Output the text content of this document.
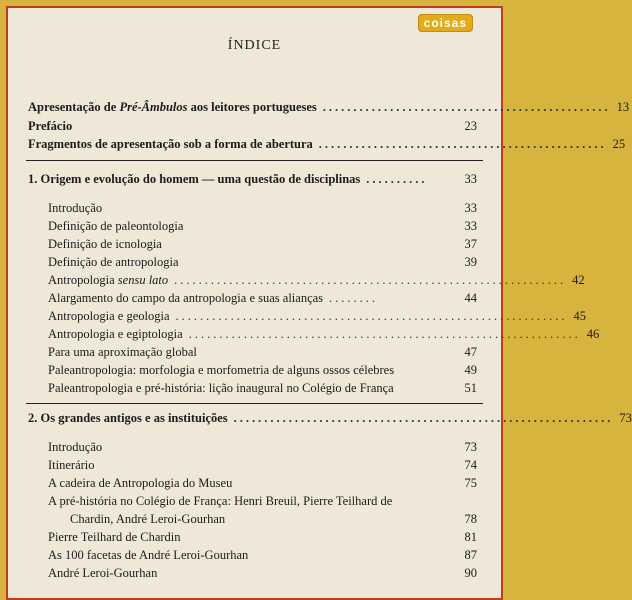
coisas
ÍNDICE
Apresentação de Pré-Âmbulos aos leitores portugueses ............................................... 13
Prefácio	23
Fragmentos de apresentação sob a forma de abertura ............................................... 25
1. Origem e evolução do homem — uma questão de disciplinas ..........	33
Introdução	33
Definição de paleontologia	33
Definição de icnologia	37
Definição de antropologia	39
Antropologia sensu lato ................................................................ 42
Alargamento do campo da antropologia e suas alianças ........	44
Antropologia e geologia ................................................................ 45
Antropologia e egiptologia ................................................................ 46
Para uma aproximação global	47
Paleantropologia: morfologia e morfometria de alguns ossos célebres	49
Paleantropologia e pré-história: lição inaugural no Colégio de França	51
2. Os grandes antigos e as instituições .............................................................. 73
Introdução	73
Itinerário	74
A cadeira de Antropologia do Museu	75
A pré-história no Colégio de França: Henri Breuil, Pierre Teilhard de
Chardin, André Leroi-Gourhan	78
Pierre Teilhard de Chardin	81
As 100 facetas de André Leroi-Gourhan	87
André Leroi-Gourhan	90
